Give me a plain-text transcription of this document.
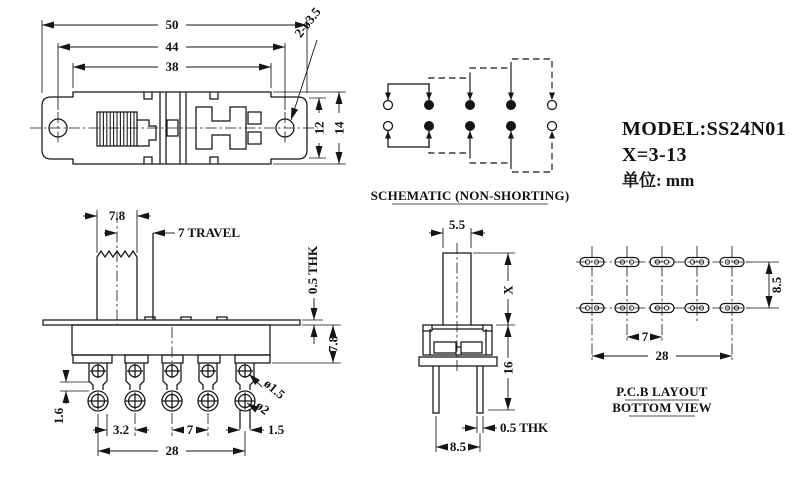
50
44
38
12 14
2-ø3.5
SCHEMATIC (NON-SHORTING)
MODEL:SS24N01
X=3-13
单位: mm
7.8
7 TRAVEL
0.5 THK
7.8
1.6
3.2	7	1.5
28
ø1.5
ø2
5.5
X
16
0.5 THK
8.5
8.5
7
28
P.C.B LAYOUT
BOTTOM VIEW
